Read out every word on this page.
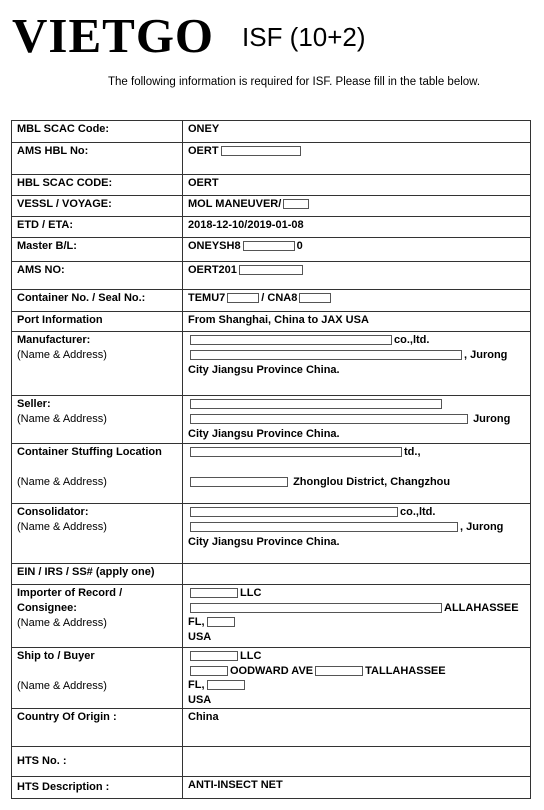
VIETGO ISF (10+2)
The following information is required for ISF. Please fill in the table below.
MBL SCAC Code:	ONEY
AMS HBL No:	OERT
HBL SCAC CODE:	OERT
VESSL / VOYAGE:	MOL MANEUVER/
ETD / ETA:	2018-12-10/2019-01-08
Master B/L:	ONEYSH8 0
AMS NO:	OERT201
Container No. / Seal No.:	TEMU7 / CNA8
Port Information	From Shanghai, China to JAX USA
Manufacturer:
(Name & Address)	co.,ltd.
, Jurong
City Jiangsu Province China.

Seller:
(Name & Address)	Jurong
City Jiangsu Province China.

Container Stuffing Location
(Name & Address)	td.,
Zhonglou District, Changzhou

Consolidator:
(Name & Address)	co.,ltd.
, Jurong
City Jiangsu Province China.

EIN / IRS / SS# (apply one)	

Importer of Record /
Consignee:
(Name & Address)	LLC
ALLAHASSEE
FL,
USA

Ship to / Buyer
(Name & Address)	LLC
OODWARD AVE TALLAHASSEE
FL,
USA

Country Of Origin :	China
HTS No. :	
HTS Description :	ANTI-INSECT NET
